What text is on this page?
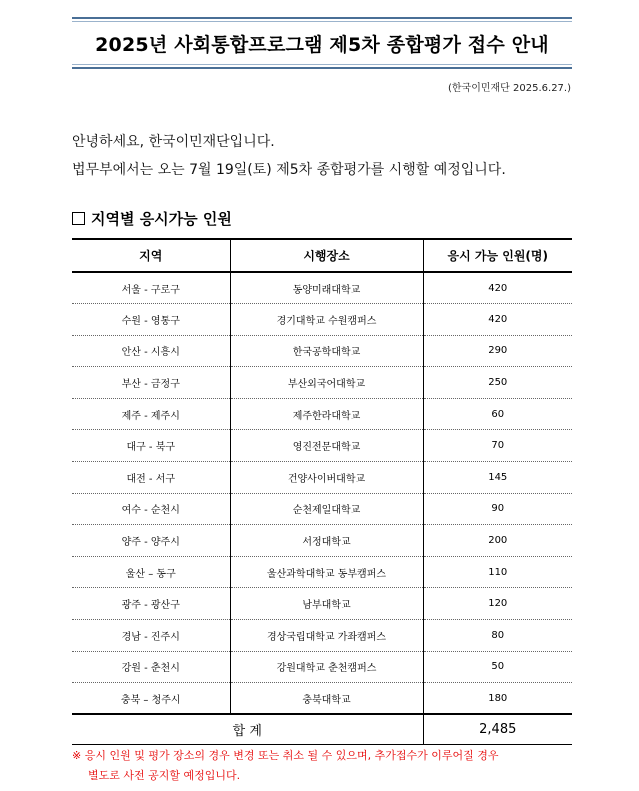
2025년 사회통합프로그램 제5차 종합평가 접수 안내
(한국이민재단 2025.6.27.)

안녕하세요, 한국이민재단입니다.

법무부에서는 오는 7월 19일(토) 제5차 종합평가를 시행할 예정입니다.

지역별 응시가능 인원
지역	시행장소	응시 가능 인원(명)
서울 - 구로구	동양미래대학교	420
수원 - 영통구	경기대학교 수원캠퍼스	420
안산 - 시흥시	한국공학대학교	290
부산 - 금정구	부산외국어대학교	250
제주 - 제주시	제주한라대학교	60
대구 - 북구	영진전문대학교	70
대전 - 서구	건양사이버대학교	145
여수 - 순천시	순천제일대학교	90
양주 - 양주시	서정대학교	200
울산 – 동구	울산과학대학교 동부캠퍼스	110
광주 - 광산구	남부대학교	120
경남 - 진주시	경상국립대학교 가좌캠퍼스	80
강원 - 춘천시	강원대학교 춘천캠퍼스	50
충북 – 청주시	충북대학교	180
합 계		2,485
※ 응시 인원 및 평가 장소의 경우 변경 또는 취소 될 수 있으며, 추가접수가 이루어질 경우
별도로 사전 공지할 예정입니다.
